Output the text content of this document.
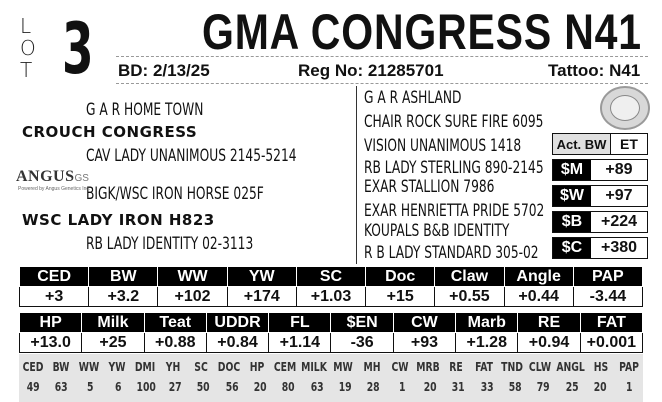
L
O
T 3 GMA CONGRESS N41
BD: 2/13/25	Reg No: 21285701	Tattoo: N41
G A R HOME TOWN
CROUCH CONGRESS
CAV LADY UNANIMOUS 2145-5214
BIGK/WSC IRON HORSE 025F
WSC LADY IRON H823
RB LADY IDENTITY 02-3113
ANGUSGS
Powered by Angus Genetics Inc.
G A R ASHLAND
CHAIR ROCK SURE FIRE 6095
VISION UNANIMOUS 1418
RB LADY STERLING 890-2145
EXAR STALLION 7986
EXAR HENRIETTA PRIDE 5702
KOUPALS B&B IDENTITY
R B LADY STANDARD 305-02
Act. BW ET
$M	+89
$W	+97
$B	+224
$C	+380
CED	BW	WW	YW	SC	Doc	Claw	Angle	PAP
+3	+3.2	+102	+174	+1.03	+15	+0.55	+0.44	-3.44
HP	Milk	Teat	UDDR	FL	$EN	CW	Marb	RE	FAT
+13.0	+25	+0.88	+0.84	+1.14	-36	+93	+1.28	+0.94	+0.001
CED BW WW YW DMI YH	SC DOC HP CEM MILK MW MH CW MRB RE	FAT TND CLW ANGL HS PAP
49	63	5	6	100	27	50	56	20	80	63	19	28	1	20	31	33	58	79	25	20	1
